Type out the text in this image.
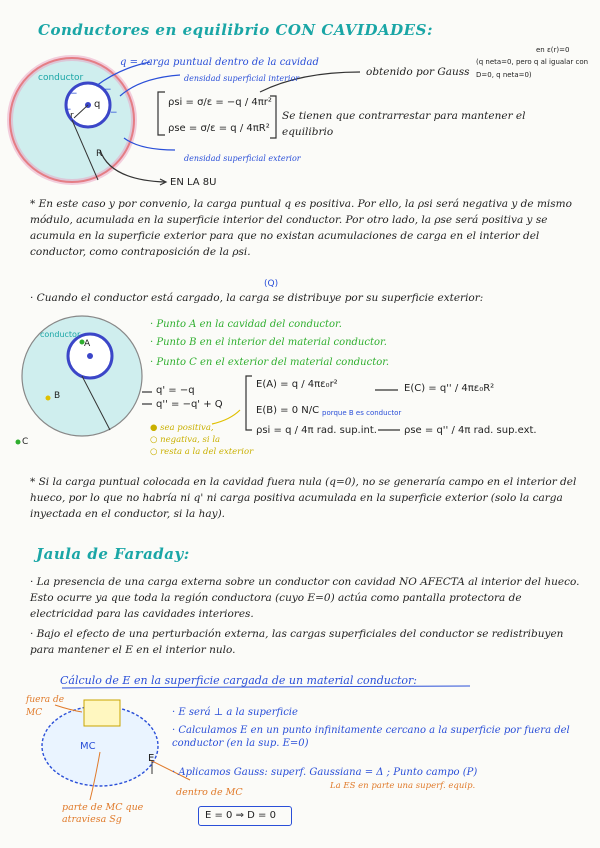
Conductores en equilibrio CON CAVIDADES:
−	−
−
−
conductor
q
r
R
q = carga puntual dentro de la cavidad
densidad superficial interior
ρsi = σ/ε = −q / 4πr²
ρse = σ/ε = q / 4πR²
densidad superficial exterior
obtenido por Gauss
en ε(r)=0
(q neta=0, pero q al igualar con D=0, q neta=0)
Se tienen que contrarrestar para mantener el equilibrio
EN LA 8U
* En este caso y por convenio, la carga puntual q es positiva. Por ello, la ρsi será negativa y de mismo módulo, acumulada en la superficie interior del conductor. Por otro lado, la ρse será positiva y se acumula en la superficie exterior para que no existan acumulaciones de carga en el interior del conductor, como contraposición de la ρsi.
(Q)
· Cuando el conductor está cargado, la carga se distribuye por su superficie exterior:
conductor
A
B
C
· Punto A en la cavidad del conductor.
· Punto B en el interior del material conductor.
· Punto C en el exterior del material conductor.
q' = −q
q'' = −q' + Q
E(A) = q / 4πε₀r²
E(B) = 0 N/C porque B es conductor
E(C) = q'' / 4πε₀R²
ρsi = q / 4π rad. sup.int.	ρse = q'' / 4π rad. sup.ext.
● sea positiva,
○ negativa, si la
○ resta a la del exterior
* Si la carga puntual colocada en la cavidad fuera nula (q=0), no se generaría campo en el interior del hueco, por lo que no habría ni q' ni carga positiva acumulada en la superficie exterior (solo la carga inyectada en el conductor, si la hay).
Jaula de Faraday:
· La presencia de una carga externa sobre un conductor con cavidad NO AFECTA al interior del hueco. Esto ocurre ya que toda la región conductora (cuyo E=0) actúa como pantalla protectora de electricidad para las cavidades interiores.
· Bajo el efecto de una perturbación externa, las cargas superficiales del conductor se redistribuyen para mantener el E en el interior nulo.
Cálculo de E en la superficie cargada de un material conductor:
fuera de MC
MC
E
· E será ⊥ a la superficie
· Calculamos E en un punto infinitamente cercano a la superficie por fuera del conductor (en la sup. E=0)
· Aplicamos Gauss: superf. Gaussiana = Δ ; Punto campo (P)
La ES en parte una superf. equip.
dentro de MC
parte de MC que atraviesa Sg	E = 0 ⇒ D = 0
